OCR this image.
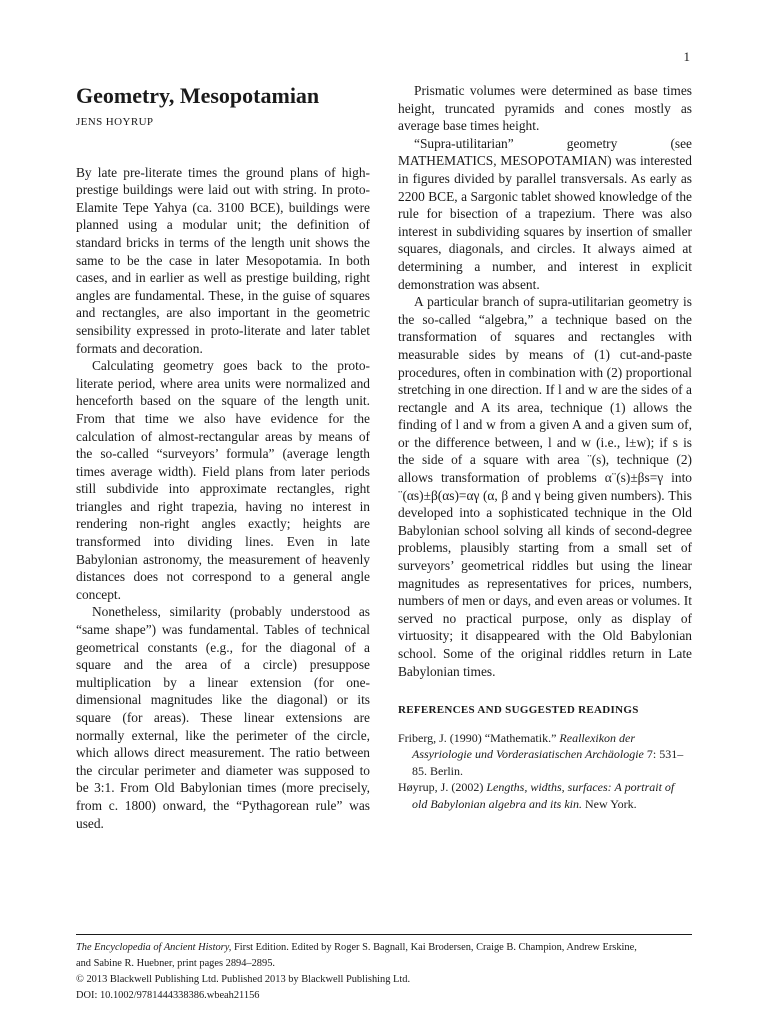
1
Geometry, Mesopotamian
JENS HOYRUP

By late pre-literate times the ground plans of high-prestige buildings were laid out with string. In proto-Elamite Tepe Yahya (ca. 3100 BCE), buildings were planned using a modular unit; the definition of standard bricks in terms of the length unit shows the same to be the case in later Mesopotamia. In both cases, and in earlier as well as prestige building, right angles are fundamental. These, in the guise of squares and rectangles, are also important in the geometric sensibility expressed in proto-literate and later tablet formats and decoration.

Calculating geometry goes back to the proto-literate period, where area units were normalized and henceforth based on the square of the length unit. From that time we also have evidence for the calculation of almost-rectangular areas by means of the so-called “surveyors’ formula” (average length times average width). Field plans from later periods still subdivide into approximate rectangles, right triangles and right trapezia, having no interest in rendering non-right angles exactly; heights are transformed into dividing lines. Even in late Babylonian astronomy, the measurement of heavenly distances does not correspond to a general angle concept.

Nonetheless, similarity (probably understood as “same shape”) was fundamental. Tables of technical geometrical constants (e.g., for the diagonal of a square and the area of a circle) presuppose multiplication by a linear extension (for one-dimensional magnitudes like the diagonal) or its square (for areas). These linear extensions are normally external, like the perimeter of the circle, which allows direct measurement. The ratio between the circular perimeter and diameter was supposed to be 3:1. From Old Babylonian times (more precisely, from c. 1800) onward, the “Pythagorean rule” was used.

Prismatic volumes were determined as base times height, truncated pyramids and cones mostly as average base times height.

“Supra-utilitarian” geometry (see MATHEMATICS, MESOPOTAMIAN) was interested in figures divided by parallel transversals. As early as 2200 BCE, a Sargonic tablet showed knowledge of the rule for bisection of a trapezium. There was also interest in subdividing squares by insertion of smaller squares, diagonals, and circles. It always aimed at determining a number, and interest in explicit demonstration was absent.

A particular branch of supra-utilitarian geometry is the so-called “algebra,” a technique based on the transformation of squares and rectangles with measurable sides by means of (1) cut-and-paste procedures, often in combination with (2) proportional stretching in one direction. If l and w are the sides of a rectangle and A its area, technique (1) allows the finding of l and w from a given A and a given sum of, or the difference between, l and w (i.e., l±w); if s is the side of a square with area ¨(s), technique (2) allows transformation of problems α¨(s)±βs=γ into ¨(αs)±β(αs)=αγ (α, β and γ being given numbers). This developed into a sophisticated technique in the Old Babylonian school solving all kinds of second-degree problems, plausibly starting from a small set of surveyors’ geometrical riddles but using the linear magnitudes as representatives for prices, numbers, numbers of men or days, and even areas or volumes. It served no practical purpose, only as display of virtuosity; it disappeared with the Old Babylonian school. Some of the original riddles return in Late Babylonian times.

REFERENCES AND SUGGESTED READINGS
Friberg, J. (1990) “Mathematik.” Reallexikon der Assyriologie und Vorderasiatischen Archäologie 7: 531–85. Berlin.
Høyrup, J. (2002) Lengths, widths, surfaces: A portrait of old Babylonian algebra and its kin. New York.
The Encyclopedia of Ancient History, First Edition. Edited by Roger S. Bagnall, Kai Brodersen, Craige B. Champion, Andrew Erskine,
and Sabine R. Huebner, print pages 2894–2895.
© 2013 Blackwell Publishing Ltd. Published 2013 by Blackwell Publishing Ltd.
DOI: 10.1002/9781444338386.wbeah21156
